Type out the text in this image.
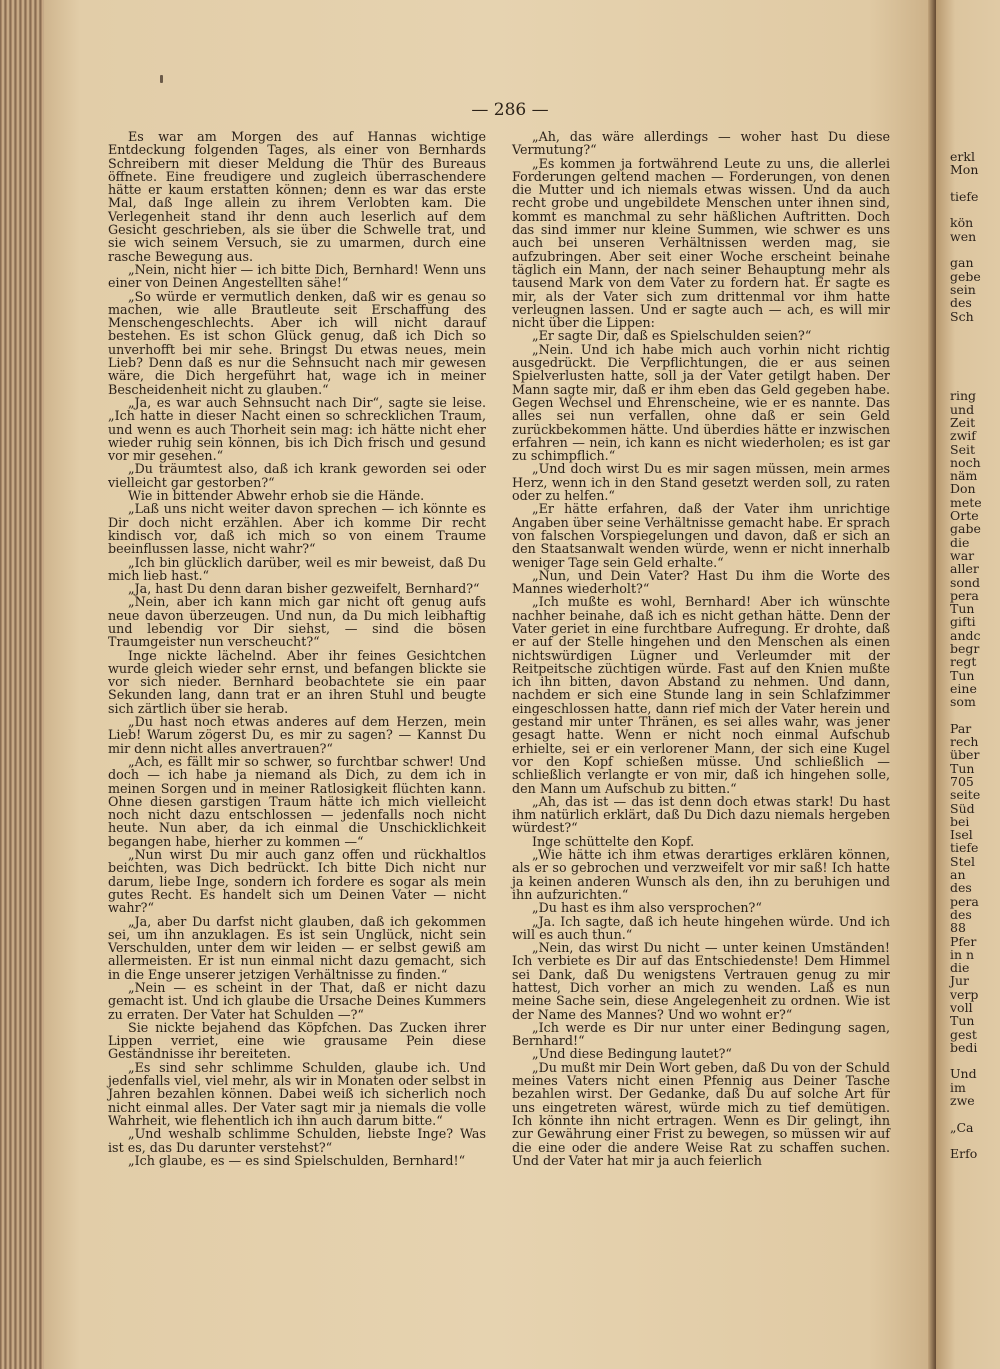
— 286 —

Es war am Morgen des auf Hannas wichtige Entdeckung folgenden Tages, als einer von Bernhards Schreibern mit dieser Meldung die Thür des Bureaus öffnete. Eine freudigere und zugleich überraschendere hätte er kaum erstatten können; denn es war das erste Mal, daß Inge allein zu ihrem Verlobten kam. Die Verlegenheit stand ihr denn auch leserlich auf dem Gesicht geschrieben, als sie über die Schwelle trat, und sie wich seinem Versuch, sie zu umarmen, durch eine rasche Bewegung aus.

„Nein, nicht hier — ich bitte Dich, Bernhard! Wenn uns einer von Deinen Angestellten sähe!“

„So würde er vermutlich denken, daß wir es genau so machen, wie alle Brautleute seit Erschaffung des Menschengeschlechts. Aber ich will nicht darauf bestehen. Es ist schon Glück genug, daß ich Dich so unverhofft bei mir sehe. Bringst Du etwas neues, mein Lieb? Denn daß es nur die Sehnsucht nach mir gewesen wäre, die Dich hergeführt hat, wage ich in meiner Bescheidenheit nicht zu glauben.“

„Ja, es war auch Sehnsucht nach Dir“, sagte sie leise. „Ich hatte in dieser Nacht einen so schrecklichen Traum, und wenn es auch Thorheit sein mag: ich hätte nicht eher wieder ruhig sein können, bis ich Dich frisch und gesund vor mir gesehen.“

„Du träumtest also, daß ich krank geworden sei oder vielleicht gar gestorben?“

Wie in bittender Abwehr erhob sie die Hände.

„Laß uns nicht weiter davon sprechen — ich könnte es Dir doch nicht erzählen. Aber ich komme Dir recht kindisch vor, daß ich mich so von einem Traume beeinflussen lasse, nicht wahr?“

„Ich bin glücklich darüber, weil es mir beweist, daß Du mich lieb hast.“

„Ja, hast Du denn daran bisher gezweifelt, Bernhard?“

„Nein, aber ich kann mich gar nicht oft genug aufs neue davon überzeugen. Und nun, da Du mich leibhaftig und lebendig vor Dir siehst, — sind die bösen Traumgeister nun verscheucht?“

Inge nickte lächelnd. Aber ihr feines Gesichtchen wurde gleich wieder sehr ernst, und befangen blickte sie vor sich nieder. Bernhard beobachtete sie ein paar Sekunden lang, dann trat er an ihren Stuhl und beugte sich zärtlich über sie herab.

„Du hast noch etwas anderes auf dem Herzen, mein Lieb! Warum zögerst Du, es mir zu sagen? — Kannst Du mir denn nicht alles anvertrauen?“

„Ach, es fällt mir so schwer, so furchtbar schwer! Und doch — ich habe ja niemand als Dich, zu dem ich in meinen Sorgen und in meiner Ratlosigkeit flüchten kann. Ohne diesen garstigen Traum hätte ich mich vielleicht noch nicht dazu entschlossen — jedenfalls noch nicht heute. Nun aber, da ich einmal die Unschicklichkeit begangen habe, hierher zu kommen —“

„Nun wirst Du mir auch ganz offen und rückhaltlos beichten, was Dich bedrückt. Ich bitte Dich nicht nur darum, liebe Inge, sondern ich fordere es sogar als mein gutes Recht. Es handelt sich um Deinen Vater — nicht wahr?“

„Ja, aber Du darfst nicht glauben, daß ich gekommen sei, um ihn anzuklagen. Es ist sein Unglück, nicht sein Verschulden, unter dem wir leiden — er selbst gewiß am allermeisten. Er ist nun einmal nicht dazu gemacht, sich in die Enge unserer jetzigen Verhältnisse zu finden.“

„Nein — es scheint in der That, daß er nicht dazu gemacht ist. Und ich glaube die Ursache Deines Kummers zu erraten. Der Vater hat Schulden —?“

Sie nickte bejahend das Köpfchen. Das Zucken ihrer Lippen verriet, eine wie grausame Pein diese Geständnisse ihr bereiteten.

„Es sind sehr schlimme Schulden, glaube ich. Und jedenfalls viel, viel mehr, als wir in Monaten oder selbst in Jahren bezahlen können. Dabei weiß ich sicherlich noch nicht einmal alles. Der Vater sagt mir ja niemals die volle Wahrheit, wie flehentlich ich ihn auch darum bitte.“

„Und weshalb schlimme Schulden, liebste Inge? Was ist es, das Du darunter verstehst?“

„Ich glaube, es — es sind Spielschulden, Bernhard!“

„Ah, das wäre allerdings — woher hast Du diese Vermutung?“

„Es kommen ja fortwährend Leute zu uns, die allerlei Forderungen geltend machen — Forderungen, von denen die Mutter und ich niemals etwas wissen. Und da auch recht grobe und ungebildete Menschen unter ihnen sind, kommt es manchmal zu sehr häßlichen Auftritten. Doch das sind immer nur kleine Summen, wie schwer es uns auch bei unseren Verhältnissen werden mag, sie aufzubringen. Aber seit einer Woche erscheint beinahe täglich ein Mann, der nach seiner Behauptung mehr als tausend Mark von dem Vater zu fordern hat. Er sagte es mir, als der Vater sich zum drittenmal vor ihm hatte verleugnen lassen. Und er sagte auch — ach, es will mir nicht über die Lippen:

„Er sagte Dir, daß es Spielschulden seien?“

„Nein. Und ich habe mich auch vorhin nicht richtig ausgedrückt. Die Verpflichtungen, die er aus seinen Spielverlusten hatte, soll ja der Vater getilgt haben. Der Mann sagte mir, daß er ihm eben das Geld gegeben habe. Gegen Wechsel und Ehrenscheine, wie er es nannte. Das alles sei nun verfallen, ohne daß er sein Geld zurückbekommen hätte. Und überdies hätte er inzwischen erfahren — nein, ich kann es nicht wiederholen; es ist gar zu schimpflich.“

„Und doch wirst Du es mir sagen müssen, mein armes Herz, wenn ich in den Stand gesetzt werden soll, zu raten oder zu helfen.“

„Er hätte erfahren, daß der Vater ihm unrichtige Angaben über seine Verhältnisse gemacht habe. Er sprach von falschen Vorspiegelungen und davon, daß er sich an den Staatsanwalt wenden würde, wenn er nicht innerhalb weniger Tage sein Geld erhalte.“

„Nun, und Dein Vater? Hast Du ihm die Worte des Mannes wiederholt?“

„Ich mußte es wohl, Bernhard! Aber ich wünschte nachher beinahe, daß ich es nicht gethan hätte. Denn der Vater geriet in eine furchtbare Aufregung. Er drohte, daß er auf der Stelle hingehen und den Menschen als einen nichtswürdigen Lügner und Verleumder mit der Reitpeitsche züchtigen würde. Fast auf den Knien mußte ich ihn bitten, davon Abstand zu nehmen. Und dann, nachdem er sich eine Stunde lang in sein Schlafzimmer eingeschlossen hatte, dann rief mich der Vater herein und gestand mir unter Thränen, es sei alles wahr, was jener gesagt hatte. Wenn er nicht noch einmal Aufschub erhielte, sei er ein verlorener Mann, der sich eine Kugel vor den Kopf schießen müsse. Und schließlich — schließlich verlangte er von mir, daß ich hingehen solle, den Mann um Aufschub zu bitten.“

„Ah, das ist — das ist denn doch etwas stark! Du hast ihm natürlich erklärt, daß Du Dich dazu niemals hergeben würdest?“

Inge schüttelte den Kopf.

„Wie hätte ich ihm etwas derartiges erklären können, als er so gebrochen und verzweifelt vor mir saß! Ich hatte ja keinen anderen Wunsch als den, ihn zu beruhigen und ihn aufzurichten.“

„Du hast es ihm also versprochen?“

„Ja. Ich sagte, daß ich heute hingehen würde. Und ich will es auch thun.“

„Nein, das wirst Du nicht — unter keinen Umständen! Ich verbiete es Dir auf das Entschiedenste! Dem Himmel sei Dank, daß Du wenigstens Vertrauen genug zu mir hattest, Dich vorher an mich zu wenden. Laß es nun meine Sache sein, diese Angelegenheit zu ordnen. Wie ist der Name des Mannes? Und wo wohnt er?“

„Ich werde es Dir nur unter einer Bedingung sagen, Bernhard!“

„Und diese Bedingung lautet?“

„Du mußt mir Dein Wort geben, daß Du von der Schuld meines Vaters nicht einen Pfennig aus Deiner Tasche bezahlen wirst. Der Gedanke, daß Du auf solche Art für uns eingetreten wärest, würde mich zu tief demütigen. Ich könnte ihn nicht ertragen. Wenn es Dir gelingt, ihn zur Gewährung einer Frist zu bewegen, so müssen wir auf die eine oder die andere Weise Rat zu schaffen suchen. Und der Vater hat mir ja auch feierlich

erkl
Mon
tiefe
kön
wen
gan
gebe
sein
des
Sch
ring
und
Zeit
zwif
Seit
noch
näm
Don
mete
Orte
gabe
die
war
aller
sond
pera
Tun
gifti
andc
begr
regt
Tun
eine
som
Par
rech
über
Tun
705
seite
Süd
bei
Isel
tiefe
Stel
an
des
pera
des
88
Pfer
in n
die
Jur
verp
voll
Tun
gest
bedi
Und
im
zwe
„Ca
Erfo
